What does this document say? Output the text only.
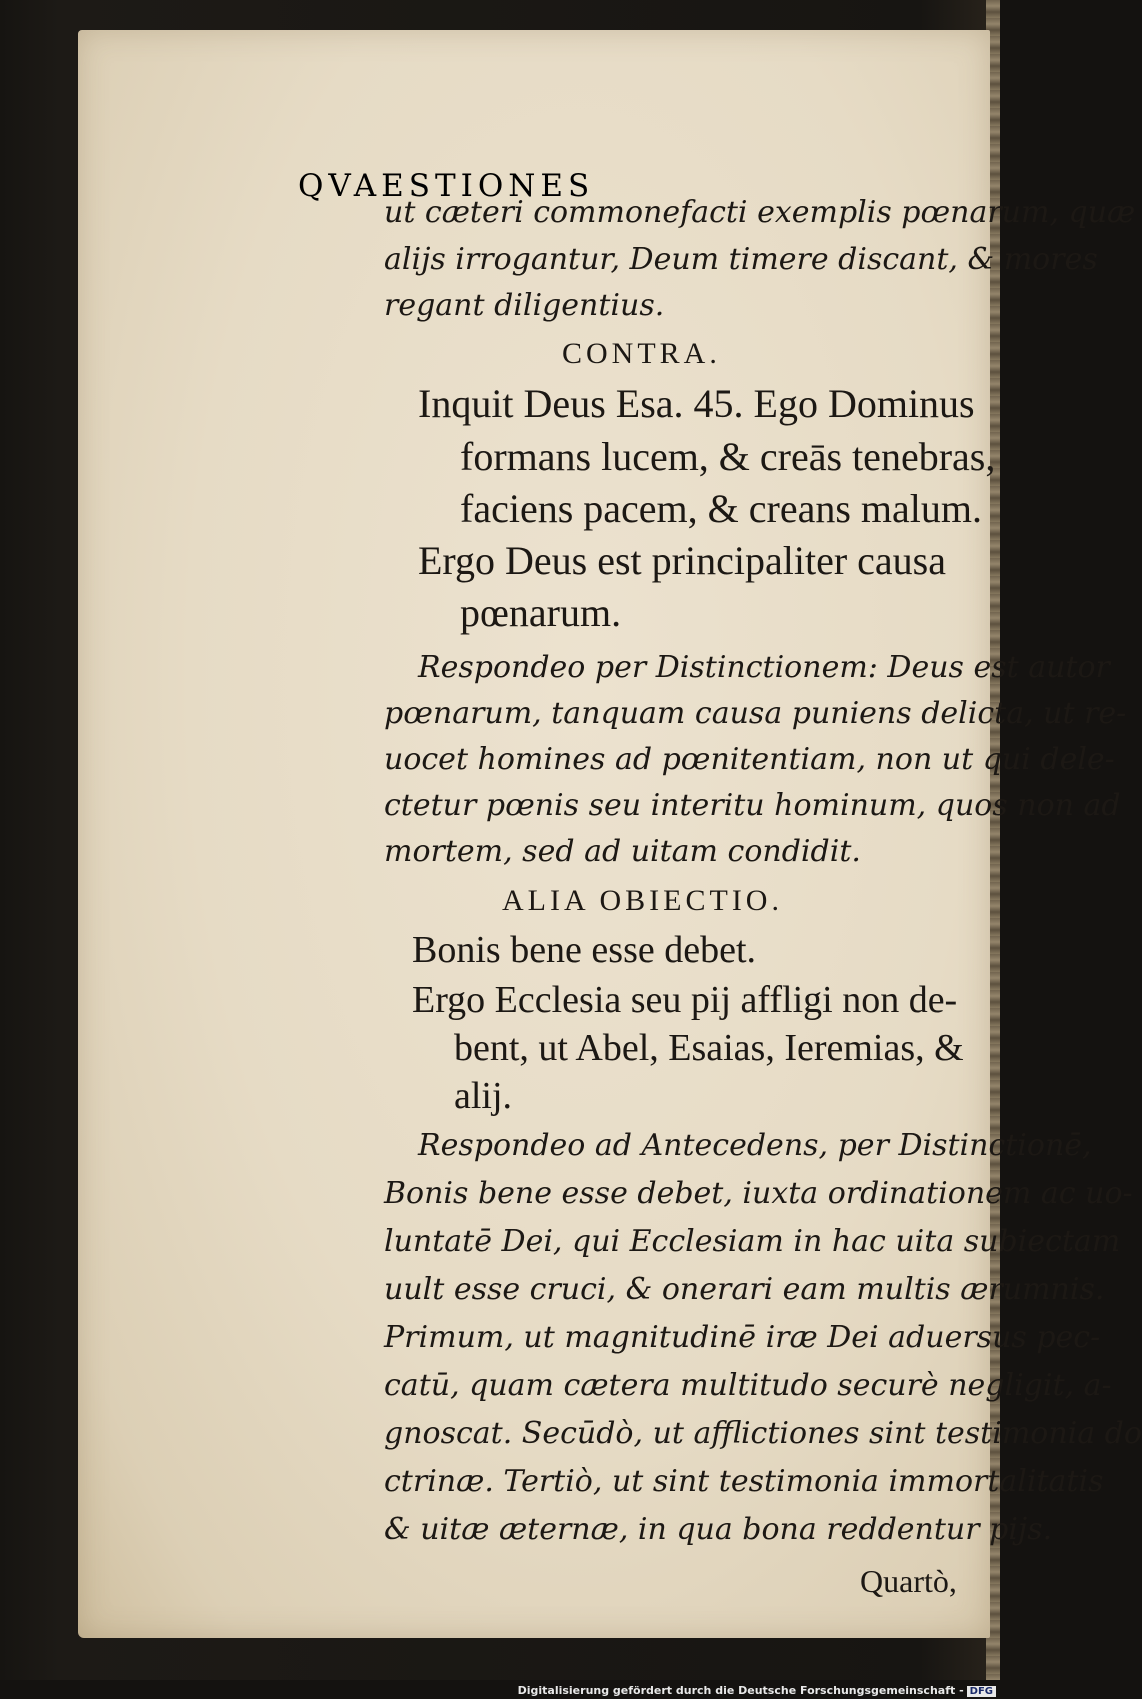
QVAESTIONES
ut cæteri commonefacti exemplis pœnarum, quæ
alijs irrogantur, Deum timere discant, & mores
regant diligentius.
CONTRA.
Inquit Deus Esa. 45. Ego Dominus
formans lucem, & creās tenebras,
faciens pacem, & creans malum.
Ergo Deus est principaliter causa
pœnarum.
Respondeo per Distinctionem: Deus est autor
pœnarum, tanquam causa puniens delicta, ut re-
uocet homines ad pœnitentiam, non ut qui dele-
ctetur pœnis seu interitu hominum, quos non ad
mortem, sed ad uitam condidit.
ALIA OBIECTIO.
Bonis bene esse debet.
Ergo Ecclesia seu pij affligi non de-
bent, ut Abel, Esaias, Ieremias, &
alij.
Respondeo ad Antecedens, per Distinctionē,
Bonis bene esse debet, iuxta ordinationem ac uo-
luntatē Dei, qui Ecclesiam in hac uita subiectam
uult esse cruci, & onerari eam multis ærumnis.
Primum, ut magnitudinē iræ Dei aduersus pec-
catū, quam cætera multitudo securè negligit, a-
gnoscat. Secūdò, ut afflictiones sint testimonia do
ctrinæ. Tertiò, ut sint testimonia immortalitatis
& uitæ æternæ, in qua bona reddentur pijs.
Quartò,
Digitalisierung gefördert durch die Deutsche Forschungsgemeinschaft - DFG
